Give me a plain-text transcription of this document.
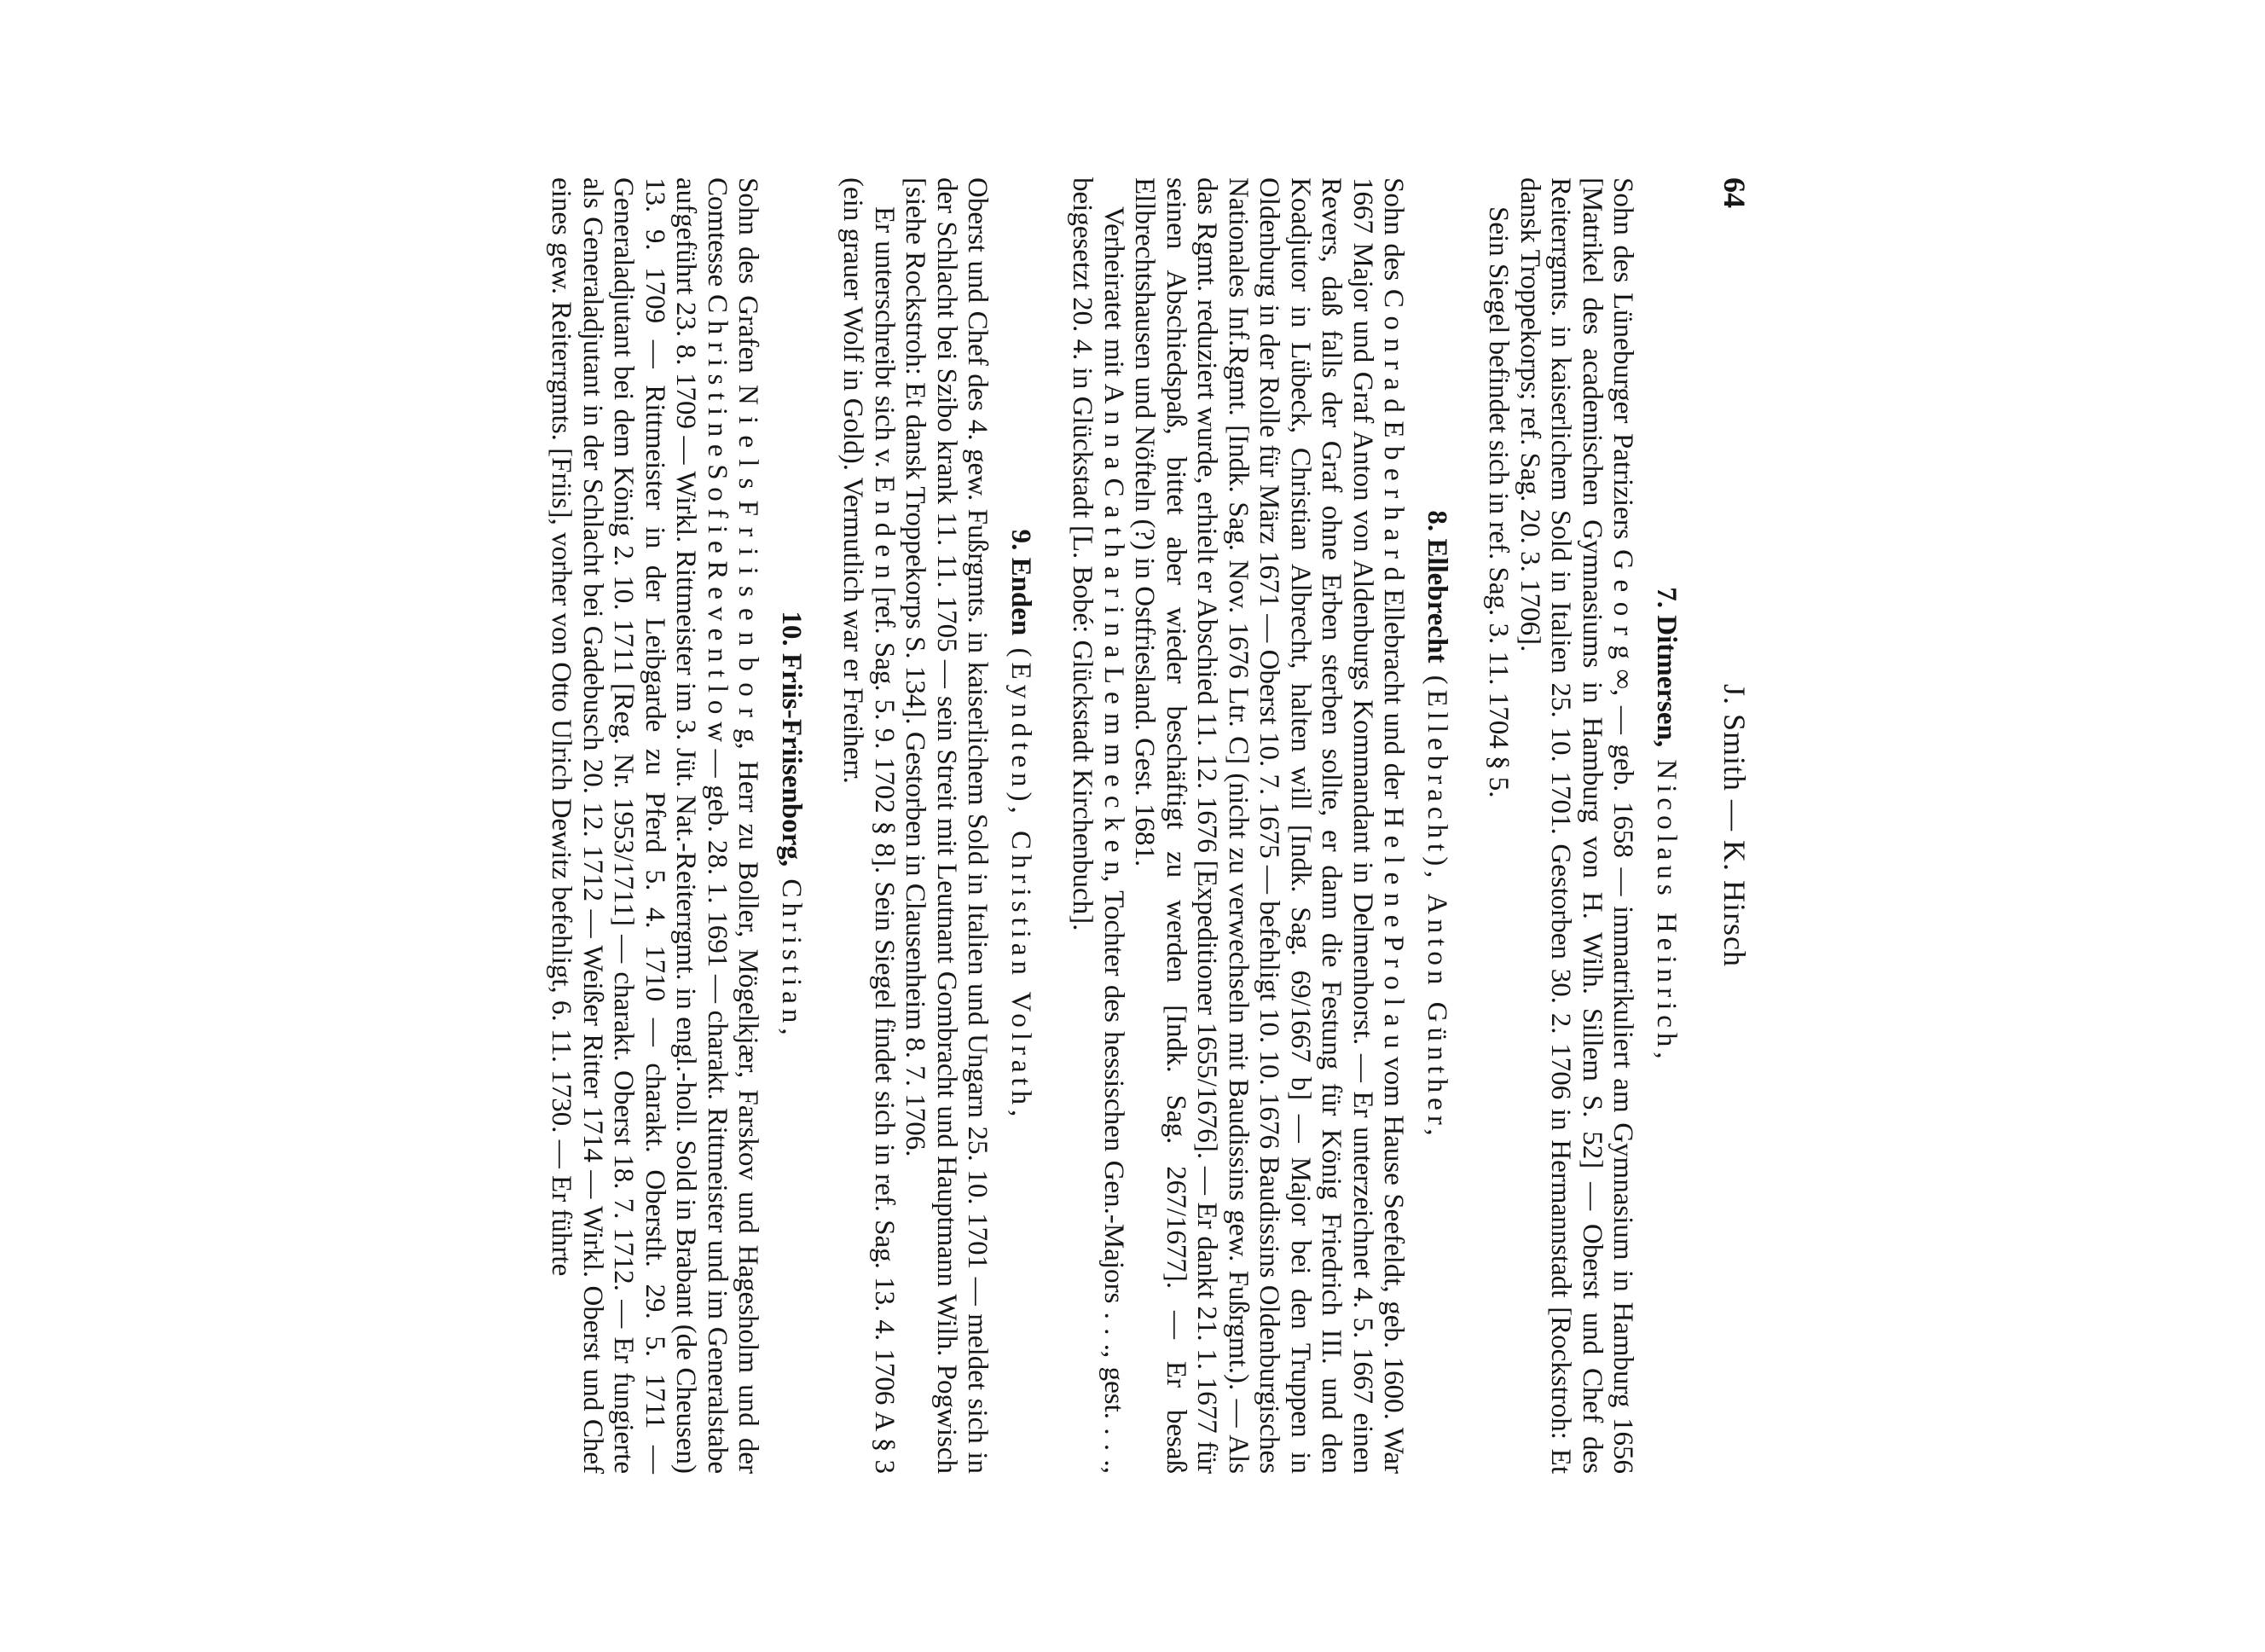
64
J. Smith — K. Hirsch
7. Ditmersen, Nicolaus Heinrich,

Sohn des Lüneburger Patriziers G e o r g ∞, — geb. 1658 — immatrikuliert am Gymnasium in Hamburg 1656 [Matrikel des academischen Gymnasiums in Hamburg von H. Wilh. Sillem S. 52] — Oberst und Chef des Reiterrgmts. in kaiserlichem Sold in Italien 25. 10. 1701. Gestorben 30. 2. 1706 in Hermannstadt [Rockstroh: Et dansk Troppekorps; ref. Sag. 20. 3. 1706].

Sein Siegel befindet sich in ref. Sag. 3. 11. 1704 § 5.

8. Ellebrecht (Ellebracht), Anton Günther,

Sohn des C o n r a d E b e r h a r d Ellebracht und der H e l e n e P r o l a u vom Hause Seefeldt, geb. 1600. War 1667 Major und Graf Anton von Aldenburgs Kommandant in Delmenhorst. — Er unterzeichnet 4. 5. 1667 einen Revers, daß falls der Graf ohne Erben sterben sollte, er dann die Festung für König Friedrich III. und den Koadjutor in Lübeck, Christian Albrecht, halten will [Indk. Sag. 69/1667 b] — Major bei den Truppen in Oldenburg in der Rolle für März 1671 — Oberst 10. 7. 1675 — befehligt 10. 10. 1676 Baudissins Oldenburgisches Nationales Inf.Rgmt. [Indk. Sag. Nov. 1676 Ltr. C] (nicht zu verwechseln mit Baudissins gew. Fußrgmt.). — Als das Rgmt. reduziert wurde, erhielt er Abschied 11. 12. 1676 [Expeditioner 1655/1676]. — Er dankt 21. 1. 1677 für seinen Abschiedspaß, bittet aber wieder beschäftigt zu werden [Indk. Sag. 267/1677]. — Er besaß Ellbrechtshausen und Nöfteln (?) in Ostfriesland. Gest. 1681.

Verheiratet mit A n n a C a t h a r i n a L e m m e c k e n, Tochter des hessischen Gen.-Majors . . ., gest. . . ., beigesetzt 20. 4. in Glückstadt [L. Bobé: Glückstadt Kirchenbuch].

9. Enden (Eyndten), Christian Volrath,

Oberst und Chef des 4. gew. Fußrgmts. in kaiserlichem Sold in Italien und Ungarn 25. 10. 1701 — meldet sich in der Schlacht bei Szibo krank 11. 11. 1705 — sein Streit mit Leutnant Gombracht und Hauptmann Wilh. Pogwisch [siehe Rockstroh: Et dansk Troppekorps S. 134]. Gestorben in Clausenheim 8. 7. 1706.

Er unterschreibt sich v. E n d e n [ref. Sag. 5. 9. 1702 § 8]. Sein Siegel findet sich in ref. Sag. 13. 4. 1706 A § 3 (ein grauer Wolf in Gold). Vermutlich war er Freiherr.

10. Friis-Friisenborg, Christian,

Sohn des Grafen N i e l s F r i i s e n b o r g, Herr zu Boller, Mögelkjær, Farskov und Hagesholm und der Comtesse C h r i s t i n e S o f i e R e v e n t l o w — geb. 28. 1. 1691 — charakt. Rittmeister und im Generalstabe aufgeführt 23. 8. 1709 — Wirkl. Rittmeister im 3. Jüt. Nat.-Reiterrgmt. in engl.-holl. Sold in Brabant (de Cheusen) 13. 9. 1709 — Rittmeister in der Leibgarde zu Pferd 5. 4. 1710 — charakt. Oberstlt. 29. 5. 1711 — Generaladjutant bei dem König 2. 10. 1711 [Reg. Nr. 1953/1711] — charakt. Oberst 18. 7. 1712. — Er fungierte als Generaladjutant in der Schlacht bei Gadebusch 20. 12. 1712 — Weißer Ritter 1714 — Wirkl. Oberst und Chef eines gew. Reiterrgmts. [Friis], vorher von Otto Ulrich Dewitz befehligt, 6. 11. 1730. — Er führte
